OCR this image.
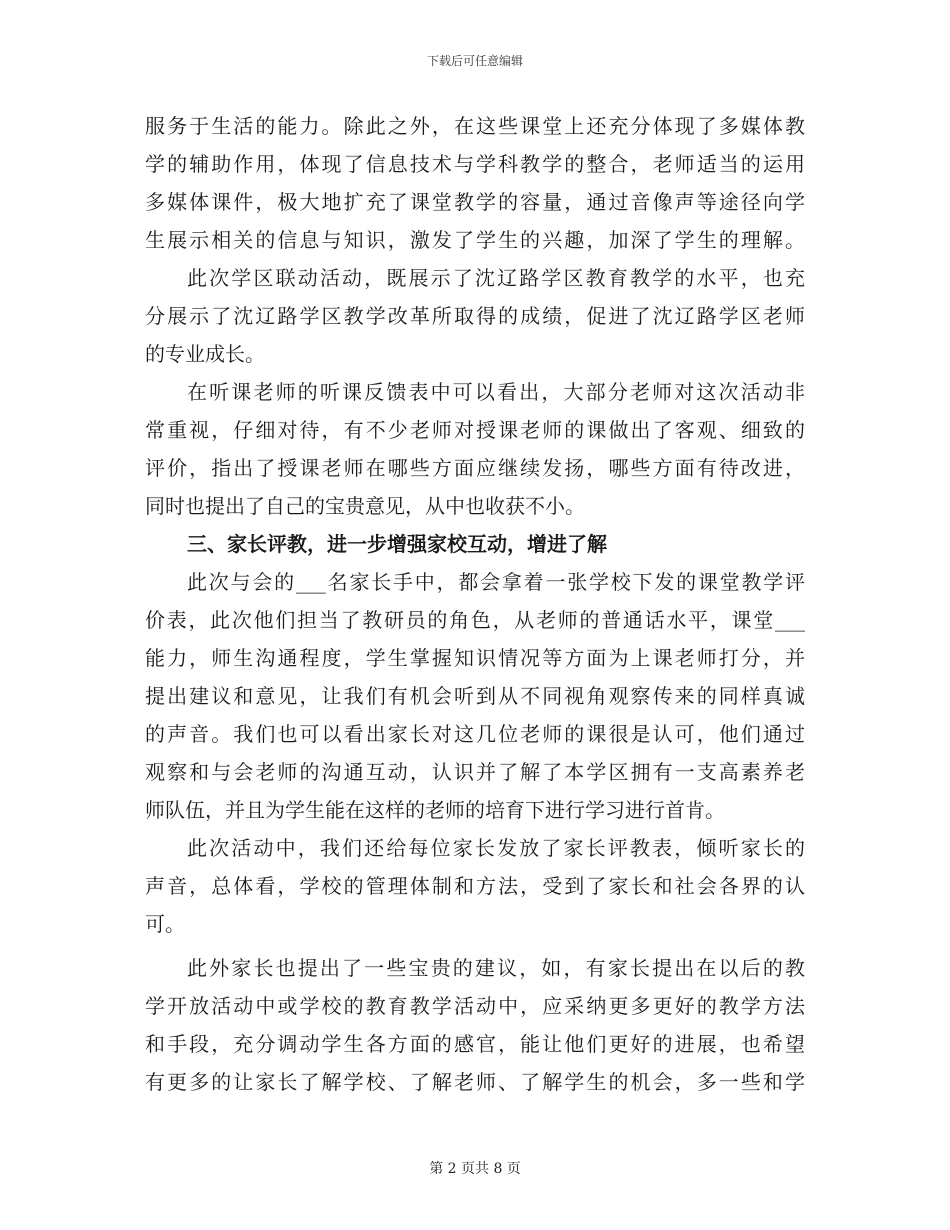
下载后可任意编辑
服务于生活的能力。除此之外，在这些课堂上还充分体现了多媒体教
学的辅助作用，体现了信息技术与学科教学的整合，老师适当的运用
多媒体课件，极大地扩充了课堂教学的容量，通过音像声等途径向学
生展示相关的信息与知识，激发了学生的兴趣，加深了学生的理解。
此次学区联动活动，既展示了沈辽路学区教育教学的水平，也充
分展示了沈辽路学区教学改革所取得的成绩，促进了沈辽路学区老师
的专业成长。
在听课老师的听课反馈表中可以看出，大部分老师对这次活动非
常重视，仔细对待，有不少老师对授课老师的课做出了客观、细致的
评价，指出了授课老师在哪些方面应继续发扬，哪些方面有待改进，
同时也提出了自己的宝贵意见，从中也收获不小。
三、家长评教，进一步增强家校互动，增进了解
此次与会的___名家长手中，都会拿着一张学校下发的课堂教学评
价表，此次他们担当了教研员的角色，从老师的普通话水平，课堂___
能力，师生沟通程度，学生掌握知识情况等方面为上课老师打分，并
提出建议和意见，让我们有机会听到从不同视角观察传来的同样真诚
的声音。我们也可以看出家长对这几位老师的课很是认可，他们通过
观察和与会老师的沟通互动，认识并了解了本学区拥有一支高素养老
师队伍，并且为学生能在这样的老师的培育下进行学习进行首肯。
此次活动中，我们还给每位家长发放了家长评教表，倾听家长的
声音，总体看，学校的管理体制和方法，受到了家长和社会各界的认
可。
此外家长也提出了一些宝贵的建议，如，有家长提出在以后的教
学开放活动中或学校的教育教学活动中，应采纳更多更好的教学方法
和手段，充分调动学生各方面的感官，能让他们更好的进展，也希望
有更多的让家长了解学校、了解老师、了解学生的机会，多一些和学
第 2 页共 8 页
